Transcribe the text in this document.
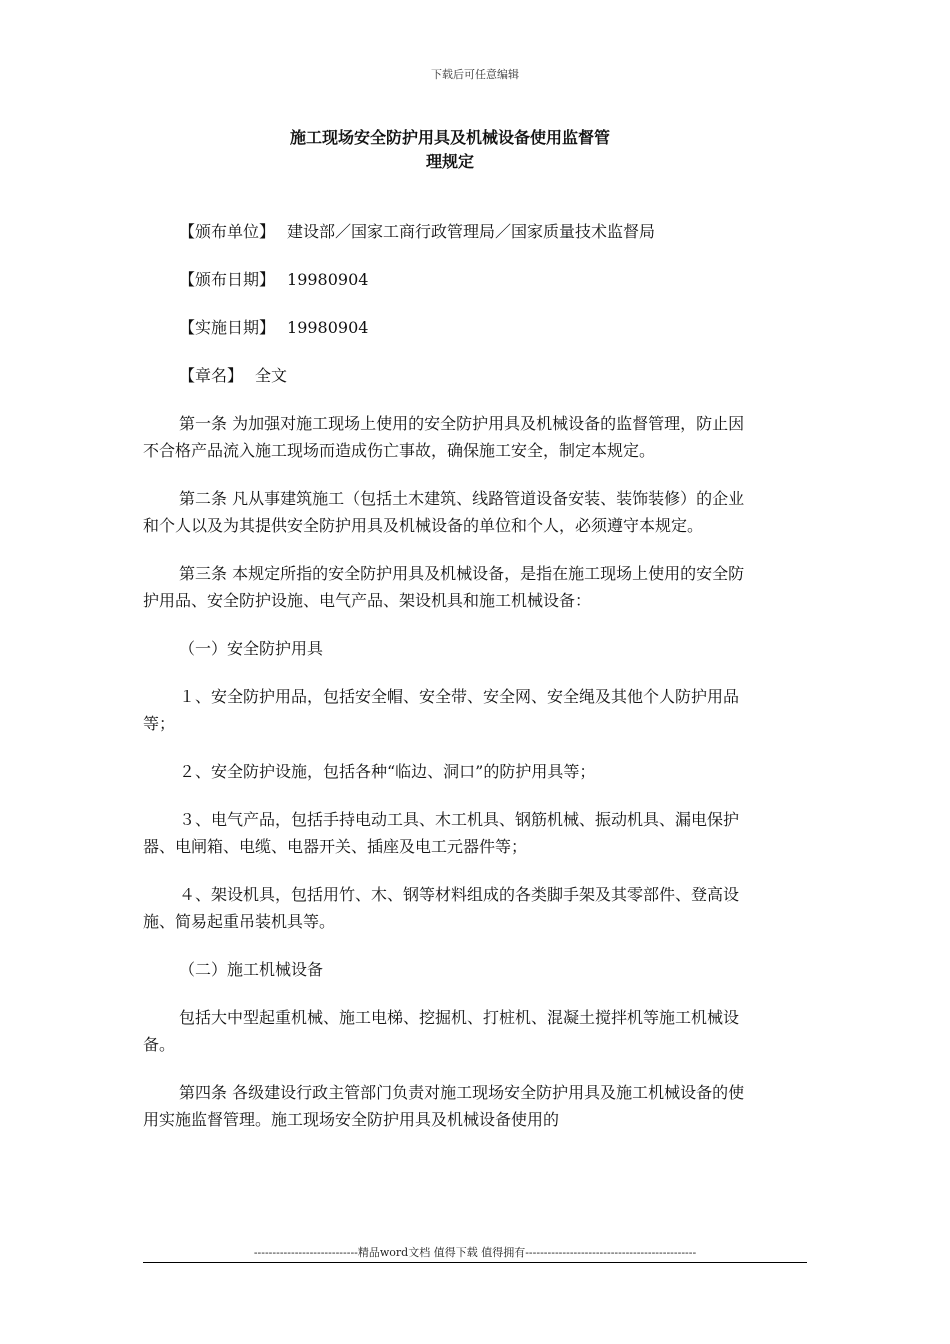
下载后可任意编辑
施工现场安全防护用具及机械设备使用监督管
理规定
【颁布单位】 建设部／国家工商行政管理局／国家质量技术监督局
【颁布日期】 19980904
【实施日期】 19980904
【章名】 全文

第一条 为加强对施工现场上使用的安全防护用具及机械设备的监督管理，防止因不合格产品流入施工现场而造成伤亡事故，确保施工安全，制定本规定。

第二条 凡从事建筑施工（包括土木建筑、线路管道设备安装、装饰装修）的企业和个人以及为其提供安全防护用具及机械设备的单位和个人，必须遵守本规定。

第三条 本规定所指的安全防护用具及机械设备，是指在施工现场上使用的安全防护用品、安全防护设施、电气产品、架设机具和施工机械设备：

（一）安全防护用具

１、安全防护用品，包括安全帽、安全带、安全网、安全绳及其他个人防护用品等；

２、安全防护设施，包括各种“临边、洞口”的防护用具等；

３、电气产品，包括手持电动工具、木工机具、钢筋机械、振动机具、漏电保护器、电闸箱、电缆、电器开关、插座及电工元器件等；

４、架设机具，包括用竹、木、钢等材料组成的各类脚手架及其零部件、登高设施、简易起重吊装机具等。

（二）施工机械设备

包括大中型起重机械、施工电梯、挖掘机、打桩机、混凝土搅拌机等施工机械设备。

第四条 各级建设行政主管部门负责对施工现场安全防护用具及施工机械设备的使用实施监督管理。施工现场安全防护用具及机械设备使用的

----------------------------精品word文档 值得下载 值得拥有----------------------------------------------
